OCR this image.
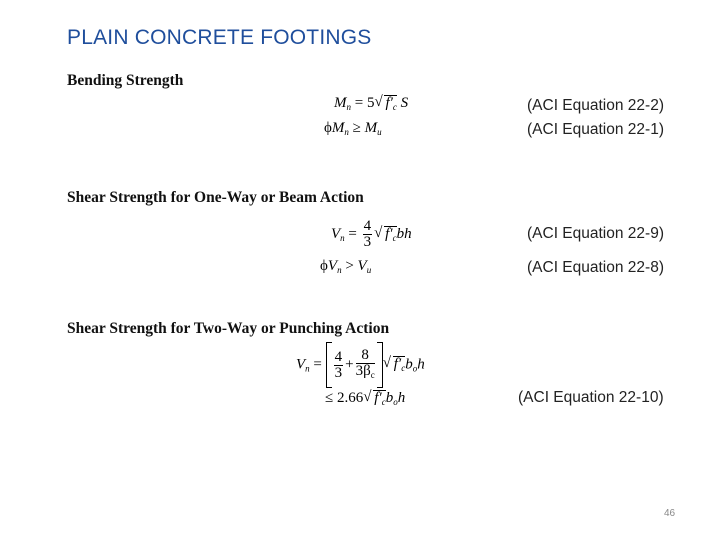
PLAIN CONCRETE FOOTINGS
Bending Strength
$M_n = 5$ √ $f'_c$ S	(ACI Equation 22-2)
$\phi M_n \ge M_u$	(ACI Equation 22-1)
Shear Strength for One-Way or Beam Action
$V_n = \frac{4}{3}$ √ $f'_cbh$	(ACI Equation 22-9)
$\phi V_n > V_u$	(ACI Equation 22-8)
Shear Strength for Two-Way or Punching Action
$V_n = \frac{4}{3} + \frac{8}{3\beta_c}$ √ $f'_cb_oh$
≤ 2.66 √ $f'_cb_oh$	(ACI Equation 22-10)
46
